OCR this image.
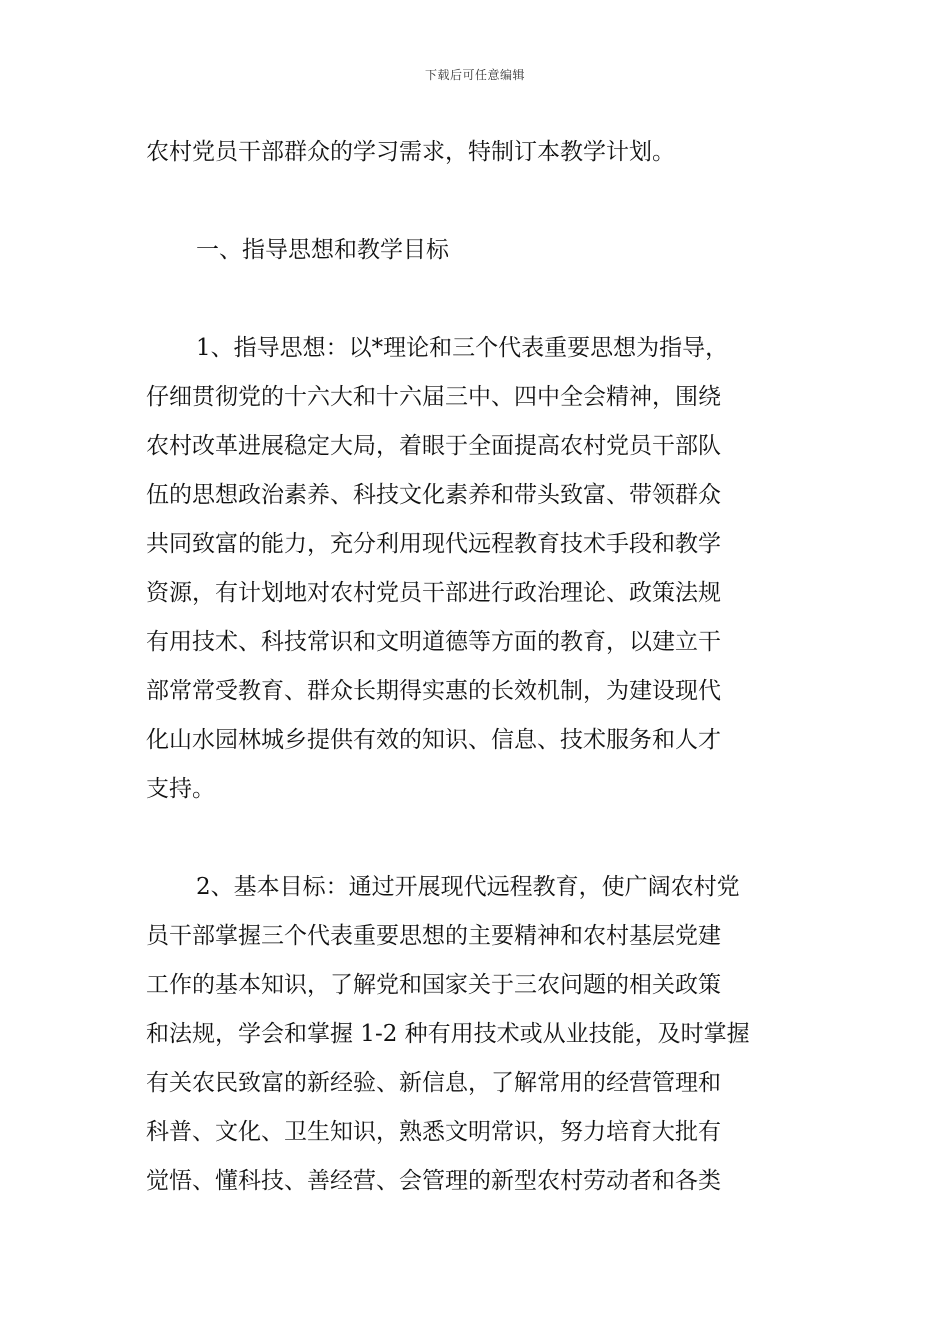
下载后可任意编辑

农村党员干部群众的学习需求，特制订本教学计划。

一、指导思想和教学目标

1、指导思想：以*理论和三个代表重要思想为指导，

仔细贯彻党的十六大和十六届三中、四中全会精神，围绕

农村改革进展稳定大局，着眼于全面提高农村党员干部队

伍的思想政治素养、科技文化素养和带头致富、带领群众

共同致富的能力，充分利用现代远程教育技术手段和教学

资源，有计划地对农村党员干部进行政治理论、政策法规

有用技术、科技常识和文明道德等方面的教育，以建立干

部常常受教育、群众长期得实惠的长效机制，为建设现代

化山水园林城乡提供有效的知识、信息、技术服务和人才

支持。

2、基本目标：通过开展现代远程教育，使广阔农村党

员干部掌握三个代表重要思想的主要精神和农村基层党建

工作的基本知识，了解党和国家关于三农问题的相关政策

和法规，学会和掌握 1-2 种有用技术或从业技能，及时掌握

有关农民致富的新经验、新信息，了解常用的经营管理和

科普、文化、卫生知识，熟悉文明常识，努力培育大批有

觉悟、懂科技、善经营、会管理的新型农村劳动者和各类
